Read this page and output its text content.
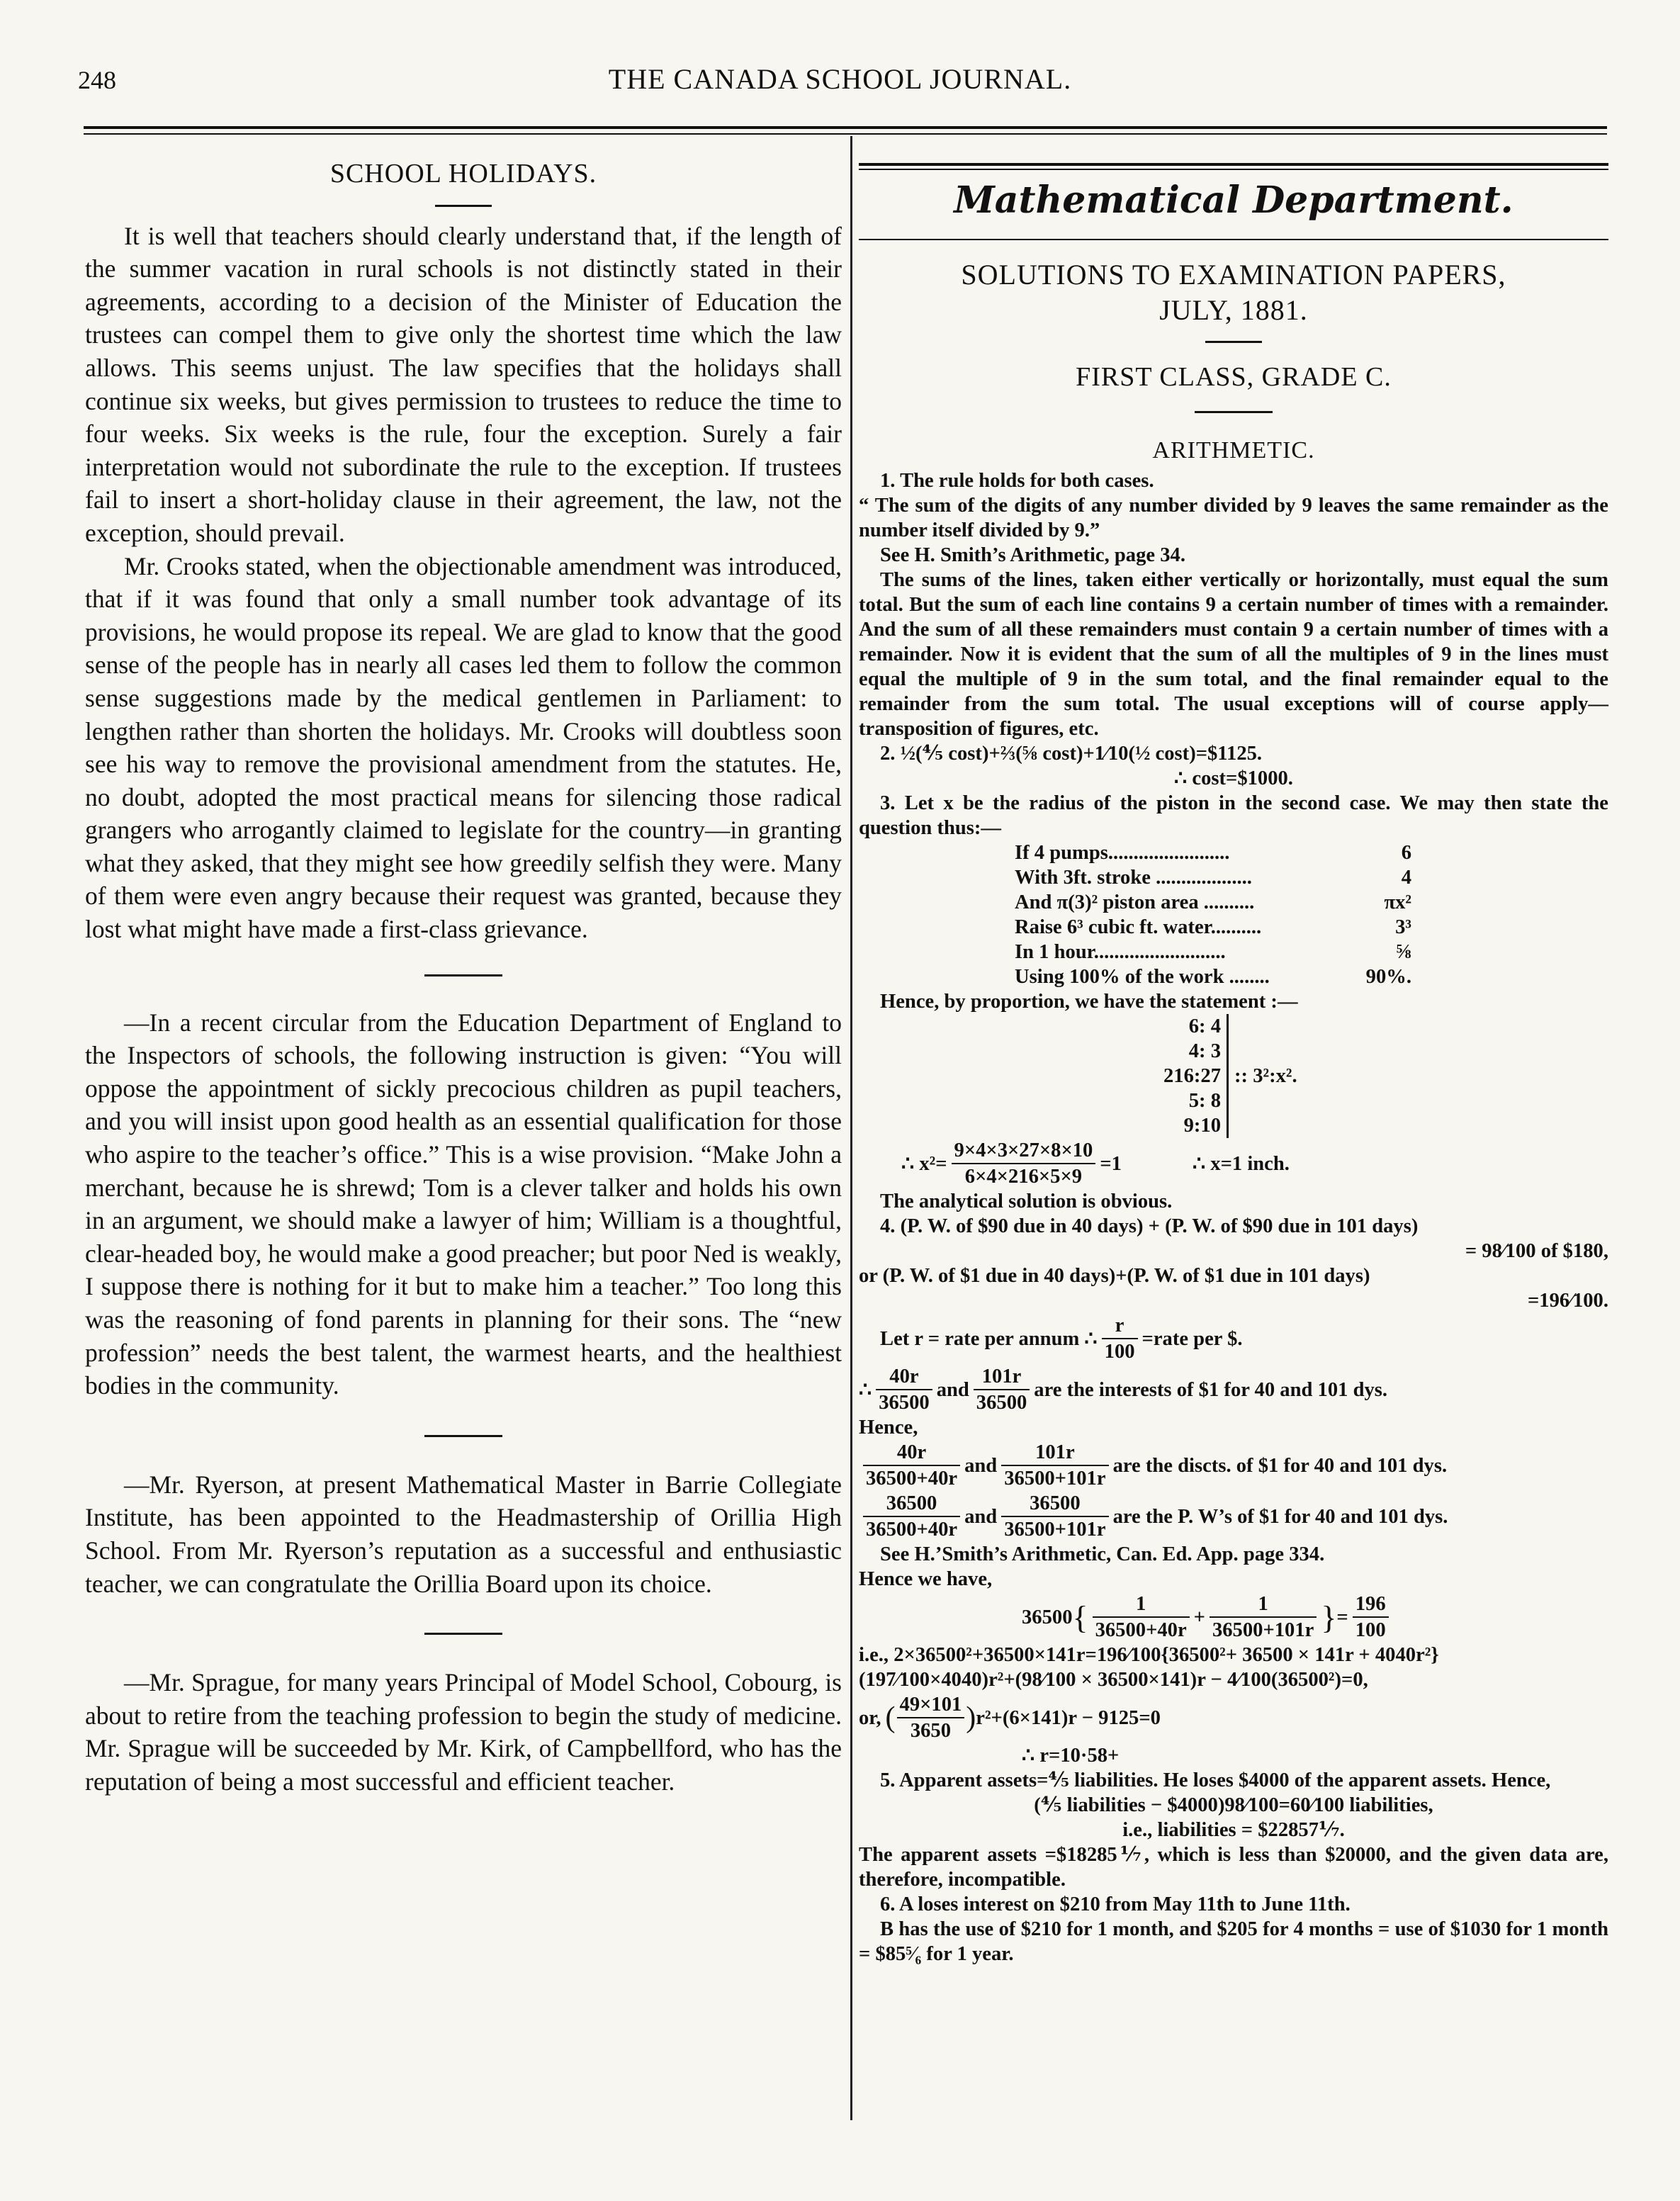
248	THE CANADA SCHOOL JOURNAL.
SCHOOL HOLIDAYS.

It is well that teachers should clearly understand that, if the length of the summer vacation in rural schools is not distinctly stated in their agreements, according to a decision of the Minister of Education the trustees can compel them to give only the shortest time which the law allows. This seems unjust. The law specifies that the holidays shall continue six weeks, but gives permission to trustees to reduce the time to four weeks. Six weeks is the rule, four the exception. Surely a fair interpretation would not subordinate the rule to the exception. If trustees fail to insert a short-holiday clause in their agreement, the law, not the exception, should prevail.

Mr. Crooks stated, when the objectionable amendment was introduced, that if it was found that only a small number took advantage of its provisions, he would propose its repeal. We are glad to know that the good sense of the people has in nearly all cases led them to follow the common sense suggestions made by the medical gentlemen in Parliament: to lengthen rather than shorten the holidays. Mr. Crooks will doubtless soon see his way to remove the provisional amendment from the statutes. He, no doubt, adopted the most practical means for silencing those radical grangers who arrogantly claimed to legislate for the country—in granting what they asked, that they might see how greedily selfish they were. Many of them were even angry because their request was granted, because they lost what might have made a first-class grievance.

—In a recent circular from the Education Department of England to the Inspectors of schools, the following instruction is given: “You will oppose the appointment of sickly precocious children as pupil teachers, and you will insist upon good health as an essential qualification for those who aspire to the teacher’s office.” This is a wise provision. “Make John a merchant, because he is shrewd; Tom is a clever talker and holds his own in an argument, we should make a lawyer of him; William is a thoughtful, clear-headed boy, he would make a good preacher; but poor Ned is weakly, I suppose there is nothing for it but to make him a teacher.” Too long this was the reasoning of fond parents in planning for their sons. The “new profession” needs the best talent, the warmest hearts, and the healthiest bodies in the community.

—Mr. Ryerson, at present Mathematical Master in Barrie Collegiate Institute, has been appointed to the Headmastership of Orillia High School. From Mr. Ryerson’s reputation as a successful and enthusiastic teacher, we can congratulate the Orillia Board upon its choice.

—Mr. Sprague, for many years Principal of Model School, Cobourg, is about to retire from the teaching profession to begin the study of medicine. Mr. Sprague will be succeeded by Mr. Kirk, of Campbellford, who has the reputation of being a most successful and efficient teacher.

Mathematical Department.
SOLUTIONS TO EXAMINATION PAPERS,
JULY, 1881.
FIRST CLASS, GRADE C.
ARITHMETIC.

1. The rule holds for both cases.

“ The sum of the digits of any number divided by 9 leaves the same remainder as the number itself divided by 9.”

See H. Smith’s Arithmetic, page 34.

The sums of the lines, taken either vertically or horizontally, must equal the sum total. But the sum of each line contains 9 a certain number of times with a remainder. And the sum of all these remainders must contain 9 a certain number of times with a remainder. Now it is evident that the sum of all the multiples of 9 in the lines must equal the multiple of 9 in the sum total, and the final remainder equal to the remainder from the sum total. The usual exceptions will of course apply—transposition of figures, etc.

2. ½(⅘ cost)+⅔(⅝ cost)+1⁄10(½ cost)=$1125.

∴ cost=$1000.

3. Let x be the radius of the piston in the second case. We may then state the question thus:—

If 4 pumps........................	6
With 3ft. stroke ...................	4
And π(3)² piston area ..........	πx²
Raise 6³ cubic ft. water..........	3³
In 1 hour..........................	⅝
Using 100% of the work ........	90%.

Hence, by proportion, we have the statement :—

6: 4
4: 3
216:27
5: 8
9:10
:: 3²:x².
∴ $x^2= \frac{9\times 4\times 3\times 27\times 8\times 10}{6\times 4\times 216\times 5\times 9} =1$	∴ x=1 inch.

The analytical solution is obvious.

4. (P. W. of $90 due in 40 days) + (P. W. of $90 due in 101 days)

= 98⁄100 of $180,

or (P. W. of $1 due in 40 days)+(P. W. of $1 due in 101 days)

=196⁄100.

Let r = rate per annum ∴ $\frac{r}{100}$ =rate per $.
∴ $\frac{40r}{36500}$ and $\frac{101r}{36500}$ are the interests of $1 for 40 and 101 dys.

Hence,

$\frac{40r}{36500+40r}$ and $\frac{101r}{36500+101r}$ are the discts. of $1 for 40 and 101 dys.
$\frac{36500}{36500+40r}$ and $\frac{36500}{36500+101r}$ are the P. W’s of $1 for 40 and 101 dys.

See H.’Smith’s Arithmetic, Can. Ed. App. page 334.

Hence we have,

36500 { $\frac{1}{36500+40r} + \frac{1}{36500+101r}$ } = $\frac{196}{100}$

i.e., 2×36500²+36500×141r=196⁄100{36500²+ 36500 × 141r + 4040r²}

(197⁄100×4040)r²+(98⁄100 × 36500×141)r − 4⁄100(36500²)=0,

or, ( $\frac{49\times 101}{3650}$ ) r²+(6×141)r − 9125=0

∴ r=10·58+

5. Apparent assets=⅘ liabilities. He loses $4000 of the apparent assets. Hence,

(⅘ liabilities − $4000)98⁄100=60⁄100 liabilities,

i.e., liabilities = $22857⅐.

The apparent assets =$18285⅐, which is less than $20000, and the given data are, therefore, incompatible.

6. A loses interest on $210 from May 11th to June 11th.

B has the use of $210 for 1 month, and $205 for 4 months = use of $1030 for 1 month = $85⁵⁄₆ for 1 year.
